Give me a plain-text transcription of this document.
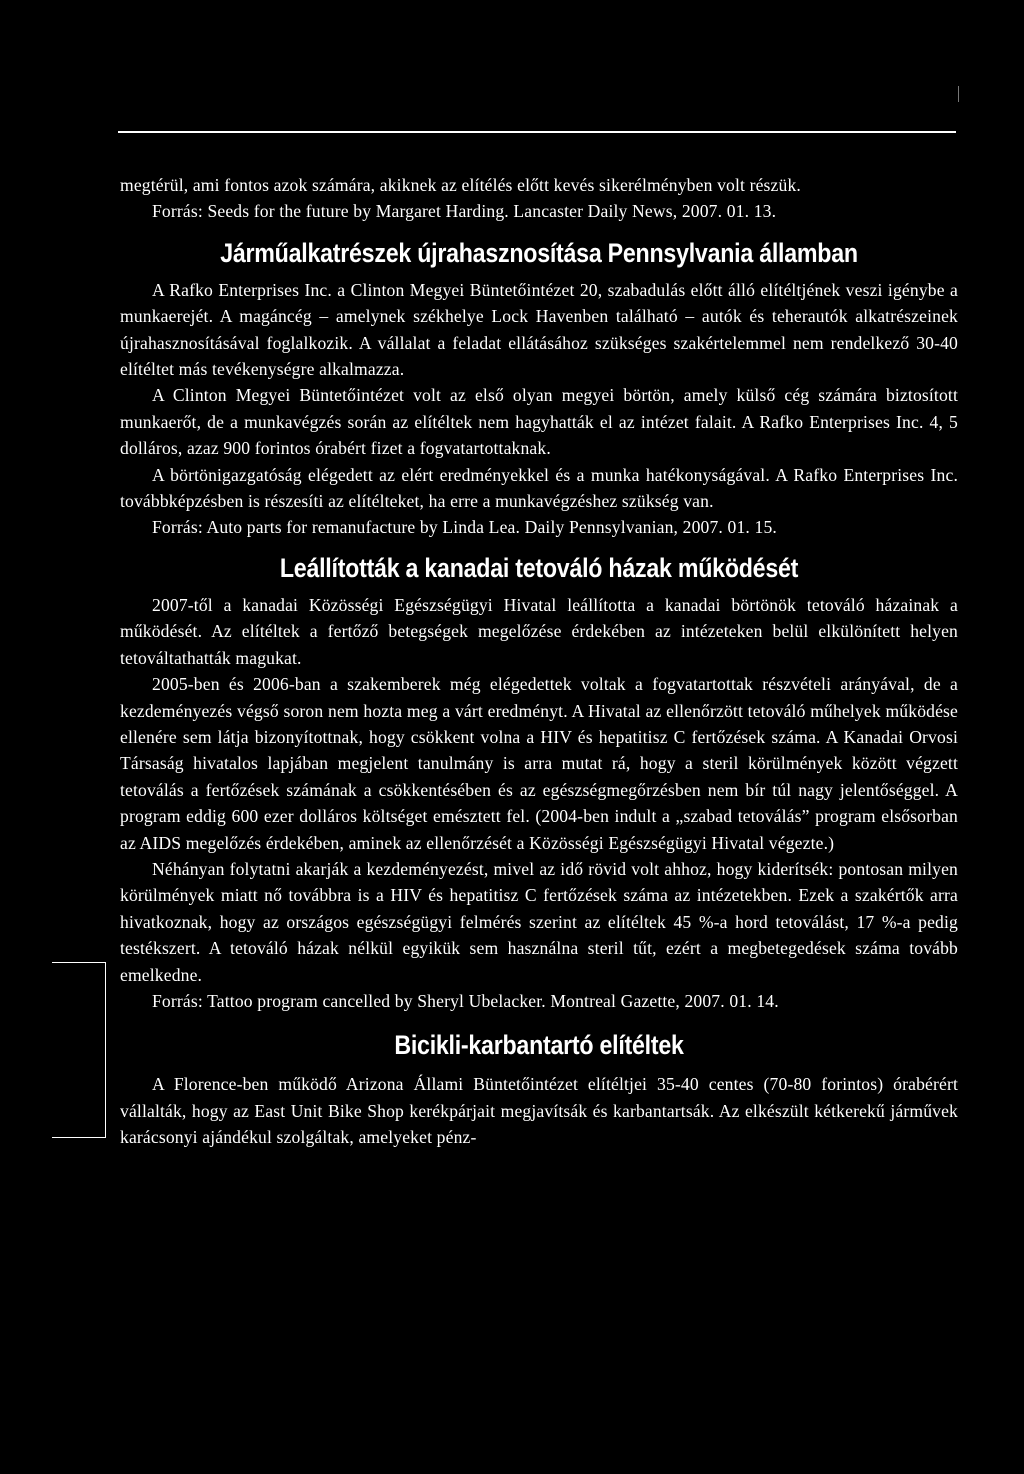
megtérül, ami fontos azok számára, akiknek az elítélés előtt kevés sikerélményben volt részük.

Forrás: Seeds for the future by Margaret Harding. Lancaster Daily News, 2007. 01. 13.

Járműalkatrészek újrahasznosítása Pennsylvania államban

A Rafko Enterprises Inc. a Clinton Megyei Büntetőintézet 20, szabadulás előtt álló elítéltjének veszi igénybe a munkaerejét. A magáncég – amelynek székhelye Lock Havenben található – autók és teherautók alkatrészeinek újrahasznosításával foglalkozik. A vállalat a feladat ellátásához szükséges szakértelemmel nem rendelkező 30-40 elítéltet más tevékenységre alkalmazza.

A Clinton Megyei Büntetőintézet volt az első olyan megyei börtön, amely külső cég számára biztosított munkaerőt, de a munkavégzés során az elítéltek nem hagyhatták el az intézet falait. A Rafko Enterprises Inc. 4, 5 dolláros, azaz 900 forintos órabért fizet a fogvatartottaknak.

A börtönigazgatóság elégedett az elért eredményekkel és a munka hatékonyságával. A Rafko Enterprises Inc. továbbképzésben is részesíti az elítélteket, ha erre a munkavégzéshez szükség van.

Forrás: Auto parts for remanufacture by Linda Lea. Daily Pennsylvanian, 2007. 01. 15.

Leállították a kanadai tetováló házak működését

2007-től a kanadai Közösségi Egészségügyi Hivatal leállította a kanadai börtönök tetováló házainak a működését. Az elítéltek a fertőző betegségek megelőzése érdekében az intézeteken belül elkülönített helyen tetováltathatták magukat.

2005-ben és 2006-ban a szakemberek még elégedettek voltak a fogvatartottak részvételi arányával, de a kezdeményezés végső soron nem hozta meg a várt eredményt. A Hivatal az ellenőrzött tetováló műhelyek működése ellenére sem látja bizonyítottnak, hogy csökkent volna a HIV és hepatitisz C fertőzések száma. A Kanadai Orvosi Társaság hivatalos lapjában megjelent tanulmány is arra mutat rá, hogy a steril körülmények között végzett tetoválás a fertőzések számának a csökkentésében és az egészségmegőrzésben nem bír túl nagy jelentőséggel. A program eddig 600 ezer dolláros költséget emésztett fel. (2004-ben indult a „szabad tetoválás” program elsősorban az AIDS megelőzés érdekében, aminek az ellenőrzését a Közösségi Egészségügyi Hivatal végezte.)

Néhányan folytatni akarják a kezdeményezést, mivel az idő rövid volt ahhoz, hogy kiderítsék: pontosan milyen körülmények miatt nő továbbra is a HIV és hepatitisz C fertőzések száma az intézetekben. Ezek a szakértők arra hivatkoznak, hogy az országos egészségügyi felmérés szerint az elítéltek 45 %-a hord tetoválást, 17 %-a pedig testékszert. A tetováló házak nélkül egyikük sem használna steril tűt, ezért a megbetegedések száma tovább emelkedne.

Forrás: Tattoo program cancelled by Sheryl Ubelacker. Montreal Gazette, 2007. 01. 14.

Bicikli-karbantartó elítéltek

A Florence-ben működő Arizona Állami Büntetőintézet elítéltjei 35-40 centes (70-80 forintos) órabérért vállalták, hogy az East Unit Bike Shop kerékpárjait megjavítsák és karbantartsák. Az elkészült kétkerekű járművek karácsonyi ajándékul szolgáltak, amelyeket pénz-
